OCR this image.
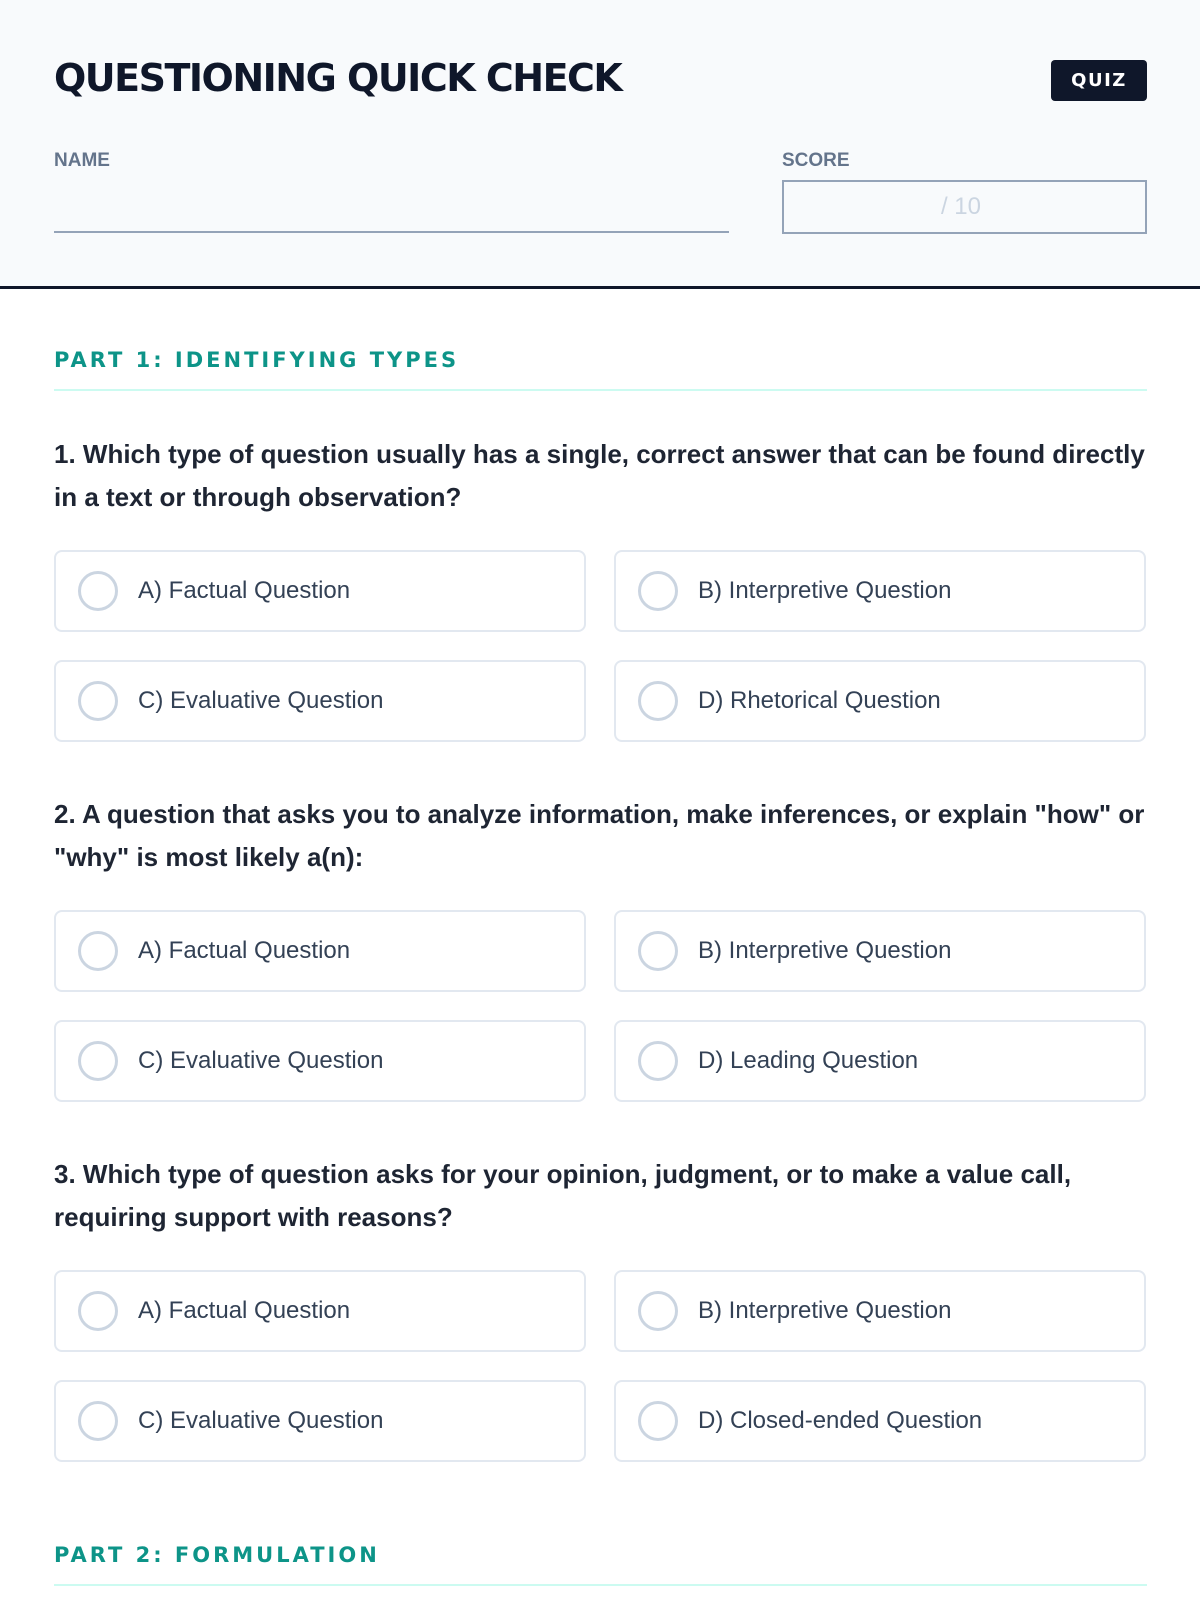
QUESTIONING QUICK CHECK	QUIZ
NAME	SCORE
/ 10
PART 1: IDENTIFYING TYPES
1. Which type of question usually has a single, correct answer that can be found directly in a text or through observation?
A) Factual Question	B) Interpretive Question
C) Evaluative Question	D) Rhetorical Question
2. A question that asks you to analyze information, make inferences, or explain "how" or "why" is most likely a(n):
A) Factual Question	B) Interpretive Question
C) Evaluative Question	D) Leading Question
3. Which type of question asks for your opinion, judgment, or to make a value call, requiring support with reasons?
A) Factual Question	B) Interpretive Question
C) Evaluative Question	D) Closed-ended Question
PART 2: FORMULATION
